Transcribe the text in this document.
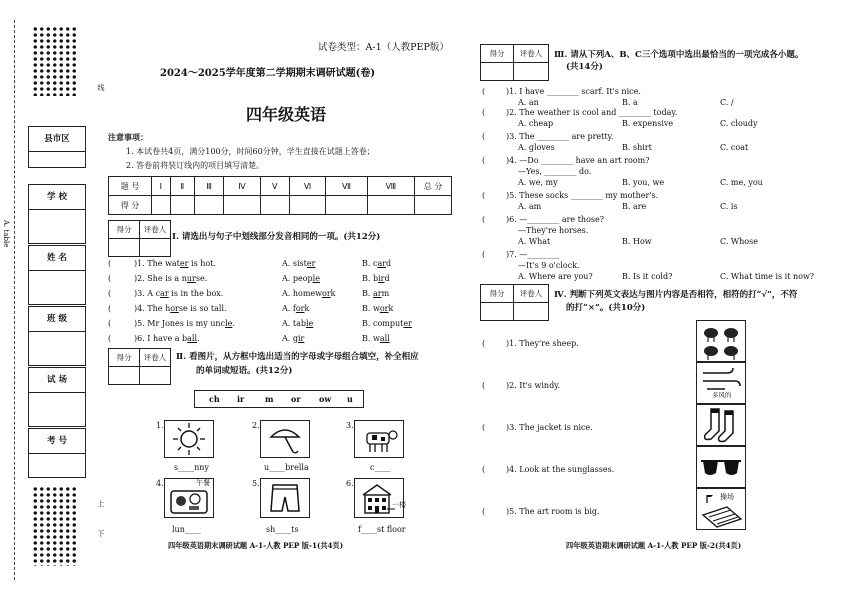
A. table
线
上
下
县市区
学 校
姓 名
班 级
试 场
考 号
试卷类型：A-1（人教PEP版）
2024～2025学年度第二学期期末调研试题(卷)
四年级英语
注意事项：
1. 本试卷共4页，满分100分，时间60分钟，学生直接在试题上答卷；
2. 答卷前将装订线内的项目填写清楚。
题 号	Ⅰ	Ⅱ	Ⅲ	Ⅳ	Ⅴ	Ⅵ	Ⅶ	Ⅷ	总 分
得 分									
得分	评卷人

Ⅰ. 请选出与句子中划线部分发音相同的一项。(共12分)
(	)1. The water is hot.	A. sister	B. card
(	)2. She is a nurse.	A. people	B. bird
(	)3. A car is in the box.	A. homework	B. arm
(	)4. The horse is so tall.	A. fork	B. work
(	)5. Mr Jones is my uncle.	A. table	B. computer
(	)6. I have a ball.	A. gir	B. wall
得分	评卷人
	Ⅱ. 看图片，从方框中选出适当的字母或字母组合填空，补全相应
的单词或短语。(共12分)
ch ir	m or ow u
1.
s____nny
2.
u____brella
3.
c____
4.	午餐
lun____
5.
sh____ts
6.
一楼
f____st floor
四年级英语期末调研试题 A-1-人教 PEP 版-1(共4页)
得分	评卷人
	Ⅲ. 请从下列A、B、C三个选项中选出最恰当的一项完成各小题。
(共14分)
(	)1. I have ________ scarf. It's nice.
A. an	B. a	C. /
(	)2. The weather is cool and ________ today.
A. cheap	B. expensive	C. cloudy
(	)3. The ________ are pretty.
A. gloves	B. shirt	C. coat
(	)4. —Do ________ have an art room?
—Yes, ________ do.
A. we, my	B. you, we	C. me, you
(	)5. These socks ________ my mother's.
A. am	B. are	C. is
(	)6. —________ are those?
—They're horses.
A. What	B. How	C. Whose
(	)7. —________
—It's 9 o'clock.
A. Where are you?	B. Is it cold?	C. What time is it now?
得分	评卷人
	Ⅳ. 判断下列英文表达与图片内容是否相符，相符的打“√”，不符
的打“×”。(共10分)
(	)1. They're sheep.
(	)2. It's windy.
多风的
(	)3. The jacket is nice.
(	)4. Look at the sunglasses.
(	)5. The art room is big.
操场
四年级英语期末调研试题 A-1-人教 PEP 版-2(共4页)
